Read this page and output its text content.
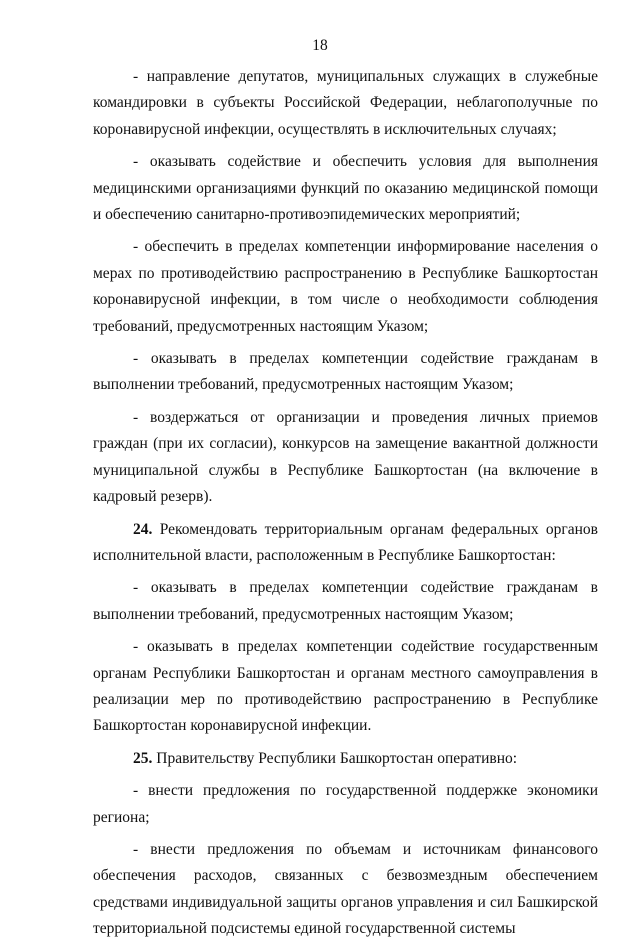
18

- направление депутатов, муниципальных служащих в служебные командировки в субъекты Российской Федерации, неблагополучные по коронавирусной инфекции, осуществлять в исключительных случаях;

- оказывать содействие и обеспечить условия для выполнения медицинскими организациями функций по оказанию медицинской помощи и обеспечению санитарно-противоэпидемических мероприятий;

- обеспечить в пределах компетенции информирование населения о мерах по противодействию распространению в Республике Башкортостан коронавирусной инфекции, в том числе о необходимости соблюдения требований, предусмотренных настоящим Указом;

- оказывать в пределах компетенции содействие гражданам в выполнении требований, предусмотренных настоящим Указом;

- воздержаться от организации и проведения личных приемов граждан (при их согласии), конкурсов на замещение вакантной должности муниципальной службы в Республике Башкортостан (на включение в кадровый резерв).

24. Рекомендовать территориальным органам федеральных органов исполнительной власти, расположенным в Республике Башкортостан:

- оказывать в пределах компетенции содействие гражданам в выполнении требований, предусмотренных настоящим Указом;

- оказывать в пределах компетенции содействие государственным органам Республики Башкортостан и органам местного самоуправления в реализации мер по противодействию распространению в Республике Башкортостан коронавирусной инфекции.

25. Правительству Республики Башкортостан оперативно:

- внести предложения по государственной поддержке экономики региона;

- внести предложения по объемам и источникам финансового обеспечения расходов, связанных с безвозмездным обеспечением средствами индивидуальной защиты органов управления и сил Башкирской территориальной подсистемы единой государственной системы
